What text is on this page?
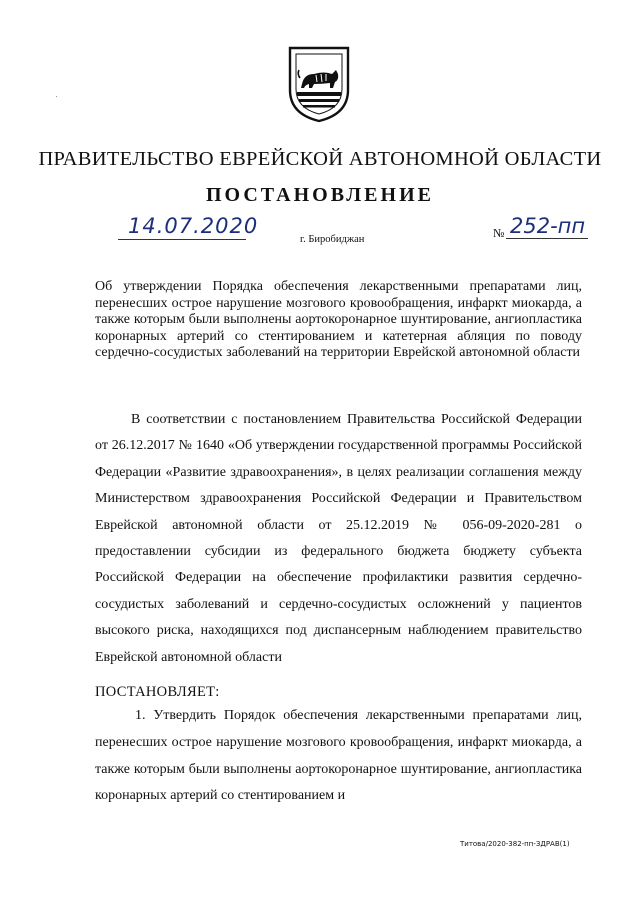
ПРАВИТЕЛЬСТВО ЕВРЕЙСКОЙ АВТОНОМНОЙ ОБЛАСТИ
ПОСТАНОВЛЕНИЕ
14.07.2020
г. Биробиджан	№ 252-пп
Об утверждении Порядка обеспечения лекарственными препаратами лиц, перенесших острое нарушение мозгового кровообращения, инфаркт миокарда, а также которым были выполнены аортокоронарное шунтирование, ангиопластика коронарных артерий со стентированием и катетерная абляция по поводу сердечно-сосудистых заболеваний на территории Еврейской автономной области
В соответствии с постановлением Правительства Российской Федерации от 26.12.2017 № 1640 «Об утверждении государственной программы Российской Федерации «Развитие здравоохранения», в целях реализации соглашения между Министерством здравоохранения Российской Федерации и Правительством Еврейской автономной области от 25.12.2019 № 056-09-2020-281 о предоставлении субсидии из федерального бюджета бюджету субъекта Российской Федерации на обеспечение профилактики развития сердечно-сосудистых заболеваний и сердечно-сосудистых осложнений у пациентов высокого риска, находящихся под диспансерным наблюдением правительство Еврейской автономной области
ПОСТАНОВЛЯЕТ:
1. Утвердить Порядок обеспечения лекарственными препаратами лиц, перенесших острое нарушение мозгового кровообращения, инфаркт миокарда, а также которым были выполнены аортокоронарное шунтирование, ангиопластика коронарных артерий со стентированием и
Титова/2020-382-пп-ЗДРАВ(1)
